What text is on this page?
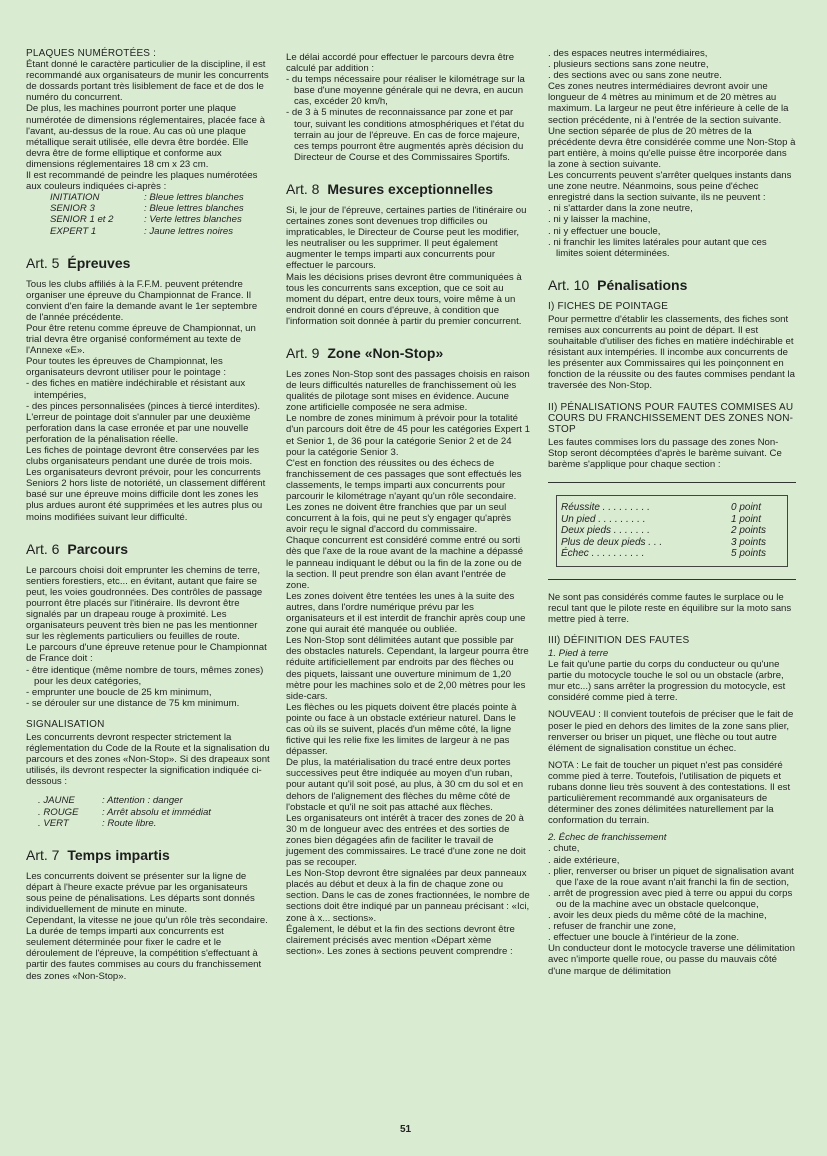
PLAQUES NUMÉROTÉES :

Étant donné le caractère particulier de la discipline, il est recommandé aux organisateurs de munir les concurrents de dossards portant très lisiblement de face et de dos le numéro du concurrent.

De plus, les machines pourront porter une plaque numérotée de dimensions réglementaires, placée face à l'avant, au-dessus de la roue. Au cas où une plaque métallique serait utilisée, elle devra être bordée. Elle devra être de forme elliptique et conforme aux dimensions réglementaires 18 cm x 23 cm.

Il est recommandé de peindre les plaques numérotées aux couleurs indiquées ci-après :

INITIATION	: Bleue lettres blanches
SENIOR 3	: Bleue lettres blanches
SENIOR 1 et 2	: Verte lettres blanches
EXPERT 1	: Jaune lettres noires
Art. 5 Épreuves

Tous les clubs affiliés à la F.F.M. peuvent prétendre organiser une épreuve du Championnat de France. Il convient d'en faire la demande avant le 1er septembre de l'année précédente.

Pour être retenu comme épreuve de Championnat, un trial devra être organisé conformément au texte de l'Annexe «E».

Pour toutes les épreuves de Championnat, les organisateurs devront utiliser pour le pointage :

- des fiches en matière indéchirable et résistant aux intempéries,

- des pinces personnalisées (pinces à tiercé interdites).

L'erreur de pointage doit s'annuler par une deuxième perforation dans la case erronée et par une nouvelle perforation de la pénalisation réelle.

Les fiches de pointage devront être conservées par les clubs organisateurs pendant une durée de trois mois.

Les organisateurs devront prévoir, pour les concurrents Seniors 2 hors liste de notoriété, un classement différent basé sur une épreuve moins difficile dont les zones les plus ardues auront été supprimées et les autres plus ou moins modifiées suivant leur difficulté.

Art. 6 Parcours

Le parcours choisi doit emprunter les chemins de terre, sentiers forestiers, etc... en évitant, autant que faire se peut, les voies goudronnées. Des contrôles de passage pourront être placés sur l'itinéraire. Ils devront être signalés par un drapeau rouge à proximité. Les organisateurs peuvent très bien ne pas les mentionner sur les règlements particuliers ou feuilles de route.

Le parcours d'une épreuve retenue pour le Championnat de France doit :

- être identique (même nombre de tours, mêmes zones) pour les deux catégories,

- emprunter une boucle de 25 km minimum,

- se dérouler sur une distance de 75 km minimum.

SIGNALISATION

Les concurrents devront respecter strictement la réglementation du Code de la Route et la signalisation du parcours et des zones «Non-Stop». Si des drapeaux sont utilisés, ils devront respecter la signification indiquée ci-dessous :

. JAUNE	: Attention : danger
. ROUGE	: Arrêt absolu et immédiat
. VERT	: Route libre.
Art. 7 Temps impartis

Les concurrents doivent se présenter sur la ligne de départ à l'heure exacte prévue par les organisateurs sous peine de pénalisations. Les départs sont donnés individuellement de minute en minute.

Cependant, la vitesse ne joue qu'un rôle très secondaire.

La durée de temps imparti aux concurrents est seulement déterminée pour fixer le cadre et le déroulement de l'épreuve, la compétition s'effectuant à partir des fautes commises au cours du franchissement des zones «Non-Stop».

Le délai accordé pour effectuer le parcours devra être calculé par addition :

- du temps nécessaire pour réaliser le kilométrage sur la base d'une moyenne générale qui ne devra, en aucun cas, excéder 20 km/h,

- de 3 à 5 minutes de reconnaissance par zone et par tour, suivant les conditions atmosphériques et l'état du terrain au jour de l'épreuve. En cas de force majeure, ces temps pourront être augmentés après décision du Directeur de Course et des Commissaires Sportifs.

Art. 8 Mesures exceptionnelles

Si, le jour de l'épreuve, certaines parties de l'itinéraire ou certaines zones sont devenues trop difficiles ou impraticables, le Directeur de Course peut les modifier, les neutraliser ou les supprimer. Il peut également augmenter le temps imparti aux concurrents pour effectuer le parcours.

Mais les décisions prises devront être communiquées à tous les concurrents sans exception, que ce soit au moment du départ, entre deux tours, voire même à un endroit donné en cours d'épreuve, à condition que l'information soit donnée à partir du premier concurrent.

Art. 9 Zone «Non-Stop»

Les zones Non-Stop sont des passages choisis en raison de leurs difficultés naturelles de franchissement où les qualités de pilotage sont mises en évidence. Aucune zone artificielle composée ne sera admise.

Le nombre de zones minimum à prévoir pour la totalité d'un parcours doit être de 45 pour les catégories Expert 1 et Senior 1, de 36 pour la catégorie Senior 2 et de 24 pour la catégorie Senior 3.

C'est en fonction des réussites ou des échecs de franchissement de ces passages que sont effectués les classements, le temps imparti aux concurrents pour parcourir le kilométrage n'ayant qu'un rôle secondaire.

Les zones ne doivent être franchies que par un seul concurrent à la fois, qui ne peut s'y engager qu'après avoir reçu le signal d'accord du commissaire.

Chaque concurrent est considéré comme entré ou sorti dès que l'axe de la roue avant de la machine a dépassé le panneau indiquant le début ou la fin de la zone ou de la section. Il peut prendre son élan avant l'entrée de zone.

Les zones doivent être tentées les unes à la suite des autres, dans l'ordre numérique prévu par les organisateurs et il est interdit de franchir après coup une zone qui aurait été manquée ou oubliée.

Les Non-Stop sont délimitées autant que possible par des obstacles naturels. Cependant, la largeur pourra être réduite artificiellement par endroits par des flèches ou des piquets, laissant une ouverture minimum de 1,20 mètre pour les machines solo et de 2,00 mètres pour les side-cars.

Les flèches ou les piquets doivent être placés pointe à pointe ou face à un obstacle extérieur naturel. Dans le cas où ils se suivent, placés d'un même côté, la ligne fictive qui les relie fixe les limites de largeur à ne pas dépasser.

De plus, la matérialisation du tracé entre deux portes successives peut être indiquée au moyen d'un ruban, pour autant qu'il soit posé, au plus, à 30 cm du sol et en dehors de l'alignement des flèches du même côté de l'obstacle et qu'il ne soit pas attaché aux flèches.

Les organisateurs ont intérêt à tracer des zones de 20 à 30 m de longueur avec des entrées et des sorties de zones bien dégagées afin de faciliter le travail de jugement des commissaires. Le tracé d'une zone ne doit pas se recouper.

Les Non-Stop devront être signalées par deux panneaux placés au début et deux à la fin de chaque zone ou section. Dans le cas de zones fractionnées, le nombre de sections doit être indiqué par un panneau précisant : «Ici, zone à x... sections».

Également, le début et la fin des sections devront être clairement précisés avec mention «Départ xème section». Les zones à sections peuvent comprendre :

. des espaces neutres intermédiaires,

. plusieurs sections sans zone neutre,

. des sections avec ou sans zone neutre.

Ces zones neutres intermédiaires devront avoir une longueur de 4 mètres au minimum et de 20 mètres au maximum. La largeur ne peut être inférieure à celle de la section précédente, ni à l'entrée de la section suivante.

Une section séparée de plus de 20 mètres de la précédente devra être considérée comme une Non-Stop à part entière, à moins qu'elle puisse être incorporée dans la zone à section suivante.

Les concurrents peuvent s'arrêter quelques instants dans une zone neutre. Néanmoins, sous peine d'échec enregistré dans la section suivante, ils ne peuvent :

. ni s'attarder dans la zone neutre,

. ni y laisser la machine,

. ni y effectuer une boucle,

. ni franchir les limites latérales pour autant que ces limites soient déterminées.

Art. 10 Pénalisations

I) FICHES DE POINTAGE

Pour permettre d'établir les classements, des fiches sont remises aux concurrents au point de départ. Il est souhaitable d'utiliser des fiches en matière indéchirable et résistant aux intempéries. Il incombe aux concurrents de les présenter aux Commissaires qui les poinçonnent en fonction de la réussite ou des fautes commises pendant la traversée des Non-Stop.

II) PÉNALISATIONS POUR FAUTES COMMISES AU COURS DU FRANCHISSEMENT DES ZONES NON-STOP

Les fautes commises lors du passage des zones Non-Stop seront décomptées d'après le barème suivant. Ce barème s'applique pour chaque section :

Réussite . . . . . . . . .	0 point
Un pied . . . . . . . . .	1 point
Deux pieds . . . . . . .	2 points
Plus de deux pieds . . .	3 points
Échec . . . . . . . . . .	5 points

Ne sont pas considérés comme fautes le surplace ou le recul tant que le pilote reste en équilibre sur la moto sans mettre pied à terre.

III) DÉFINITION DES FAUTES

1. Pied à terre

Le fait qu'une partie du corps du conducteur ou qu'une partie du motocycle touche le sol ou un obstacle (arbre, mur etc...) sans arrêter la progression du motocycle, est considéré comme pied à terre.

NOUVEAU : Il convient toutefois de préciser que le fait de poser le pied en dehors des limites de la zone sans plier, renverser ou briser un piquet, une flèche ou tout autre élément de signalisation constitue un échec.

NOTA : Le fait de toucher un piquet n'est pas considéré comme pied à terre. Toutefois, l'utilisation de piquets et rubans donne lieu très souvent à des contestations. Il est particulièrement recommandé aux organisateurs de déterminer des zones délimitées naturellement par la conformation du terrain.

2. Échec de franchissement

. chute,

. aide extérieure,

. plier, renverser ou briser un piquet de signalisation avant que l'axe de la roue avant n'ait franchi la fin de section,

. arrêt de progression avec pied à terre ou appui du corps ou de la machine avec un obstacle quelconque,

. avoir les deux pieds du même côté de la machine,

. refuser de franchir une zone,

. effectuer une boucle à l'intérieur de la zone.

Un conducteur dont le motocycle traverse une délimitation avec n'importe quelle roue, ou passe du mauvais côté d'une marque de délimitation

51
